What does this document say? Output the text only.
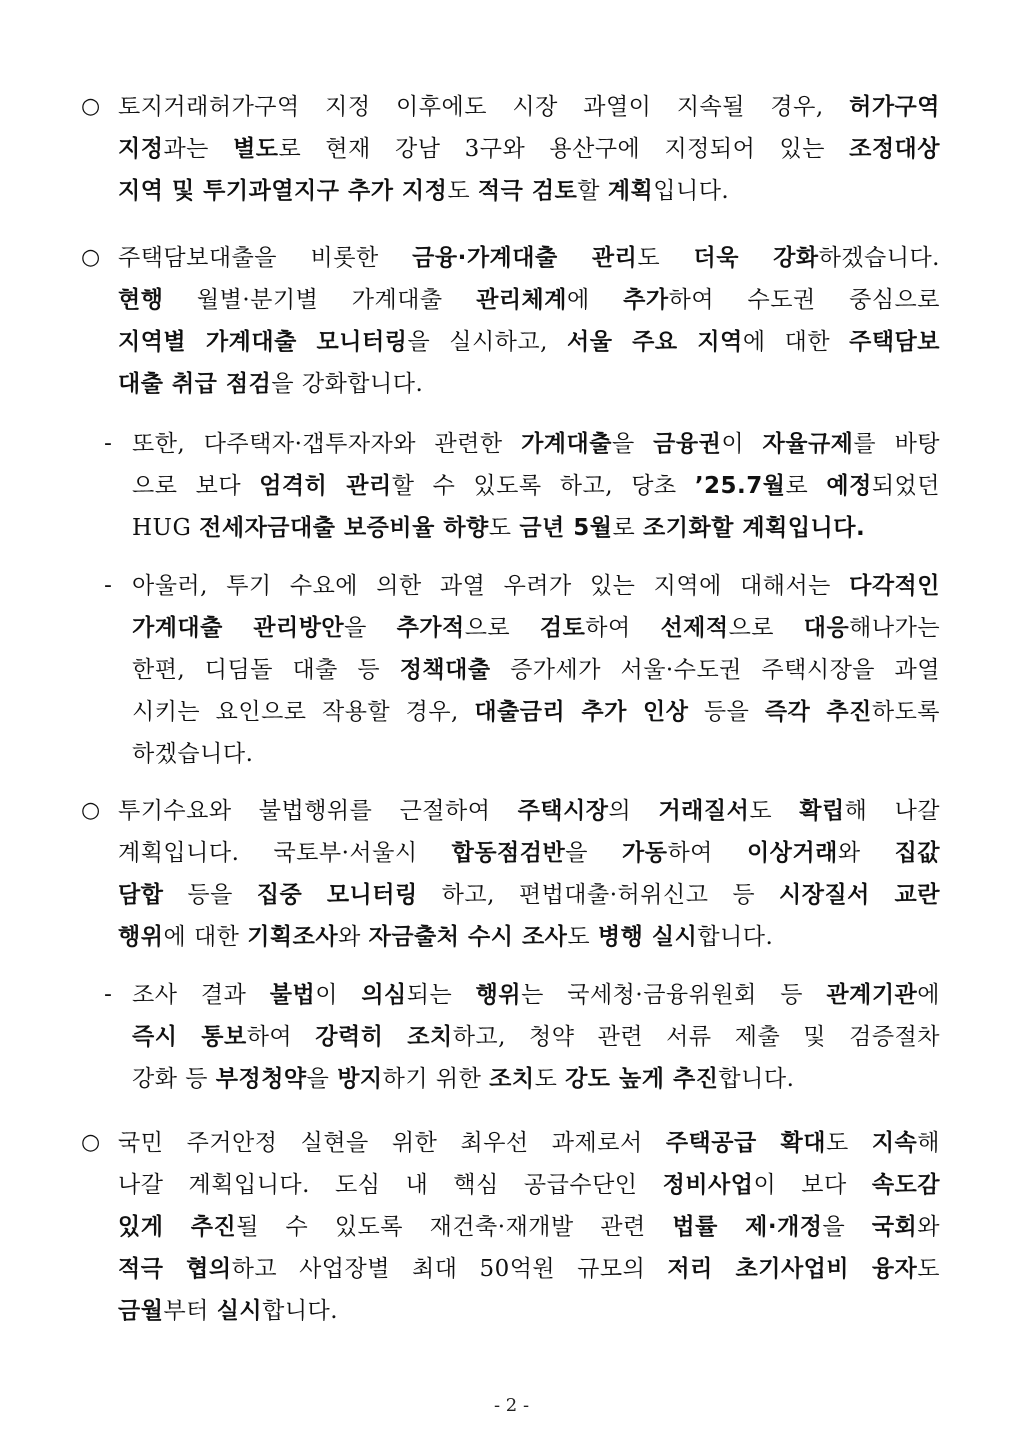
○ 토지거래허가구역 지정 이후에도 시장 과열이 지속될 경우, 허가구역
지정과는 별도로 현재 강남 3구와 용산구에 지정되어 있는 조정대상
지역 및 투기과열지구 추가 지정도 적극 검토할 계획입니다.
○ 주택담보대출을 비롯한 금융·가계대출 관리도 더욱 강화하겠습니다.
현행 월별·분기별 가계대출 관리체계에 추가하여 수도권 중심으로
지역별 가계대출 모니터링을 실시하고, 서울 주요 지역에 대한 주택담보
대출 취급 점검을 강화합니다.
- 또한, 다주택자·갭투자자와 관련한 가계대출을 금융권이 자율규제를 바탕
으로 보다 엄격히 관리할 수 있도록 하고, 당초 ’25.7월로 예정되었던
HUG 전세자금대출 보증비율 하향도 금년 5월로 조기화할 계획입니다.
- 아울러, 투기 수요에 의한 과열 우려가 있는 지역에 대해서는 다각적인
가계대출 관리방안을 추가적으로 검토하여 선제적으로 대응해나가는
한편, 디딤돌 대출 등 정책대출 증가세가 서울·수도권 주택시장을 과열
시키는 요인으로 작용할 경우, 대출금리 추가 인상 등을 즉각 추진하도록
하겠습니다.
○ 투기수요와 불법행위를 근절하여 주택시장의 거래질서도 확립해 나갈
계획입니다. 국토부·서울시 합동점검반을 가동하여 이상거래와 집값
담합 등을 집중 모니터링 하고, 편법대출·허위신고 등 시장질서 교란
행위에 대한 기획조사와 자금출처 수시 조사도 병행 실시합니다.
- 조사 결과 불법이 의심되는 행위는 국세청·금융위원회 등 관계기관에
즉시 통보하여 강력히 조치하고, 청약 관련 서류 제출 및 검증절차
강화 등 부정청약을 방지하기 위한 조치도 강도 높게 추진합니다.
○ 국민 주거안정 실현을 위한 최우선 과제로서 주택공급 확대도 지속해
나갈 계획입니다. 도심 내 핵심 공급수단인 정비사업이 보다 속도감
있게 추진될 수 있도록 재건축·재개발 관련 법률 제·개정을 국회와
적극 협의하고 사업장별 최대 50억원 규모의 저리 초기사업비 융자도
금월부터 실시합니다.
- 2 -
